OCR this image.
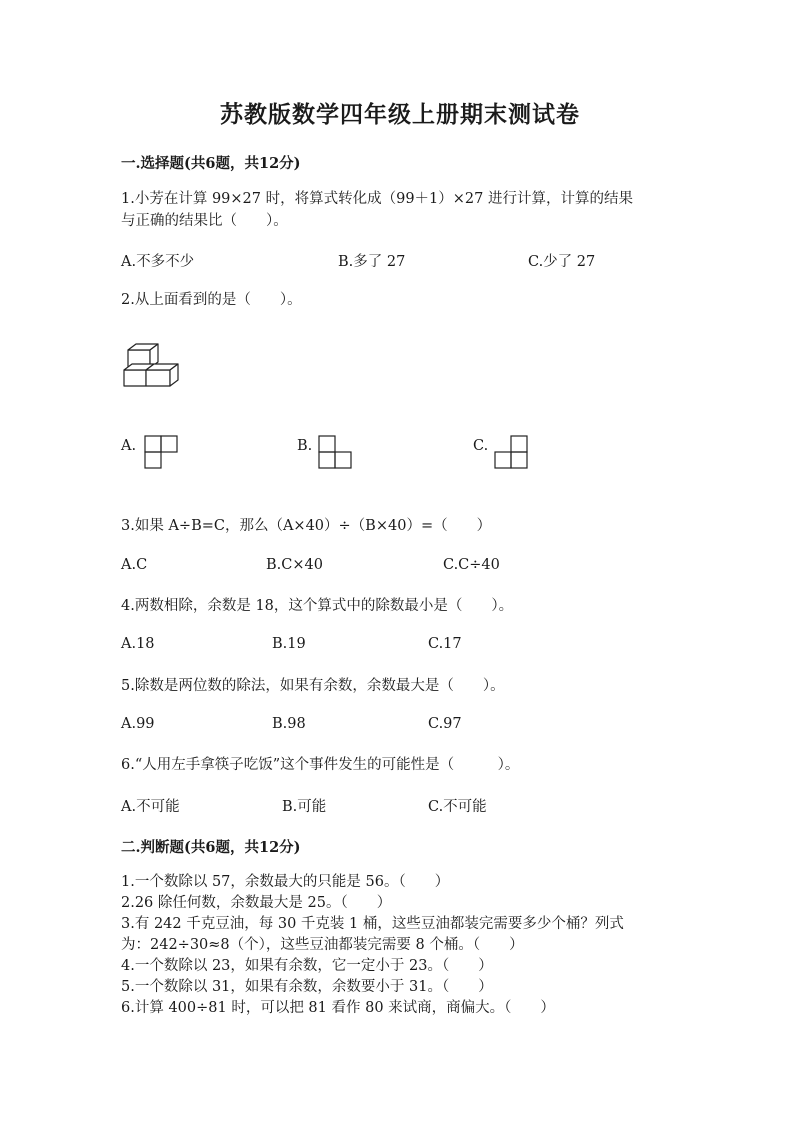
苏教版数学四年级上册期末测试卷
一.选择题(共6题，共12分)
1.小芳在计算 99×27 时，将算式转化成（99＋1）×27 进行计算，计算的结果
与正确的结果比（　　）。
A.不多不少	B.多了 27	C.少了 27
2.从上面看到的是（　　）。
A.	B.	C.
3.如果 A÷B=C，那么（A×40）÷（B×40）=（　　）
A.C	B.C×40	C.C÷40
4.两数相除，余数是 18，这个算式中的除数最小是（　　）。
A.18	B.19	C.17
5.除数是两位数的除法，如果有余数，余数最大是（　　）。
A.99	B.98	C.97
6.“人用左手拿筷子吃饭”这个事件发生的可能性是（　　　）。
A.不可能	B.可能	C.不可能
二.判断题(共6题，共12分)
1.一个数除以 57，余数最大的只能是 56。（　　）
2.26 除任何数，余数最大是 25。（　　）
3.有 242 千克豆油，每 30 千克装 1 桶，这些豆油都装完需要多少个桶？列式
为：242÷30≈8（个），这些豆油都装完需要 8 个桶。（　　）
4.一个数除以 23，如果有余数，它一定小于 23。（　　）
5.一个数除以 31，如果有余数，余数要小于 31。（　　）
6.计算 400÷81 时，可以把 81 看作 80 来试商，商偏大。（　　）
